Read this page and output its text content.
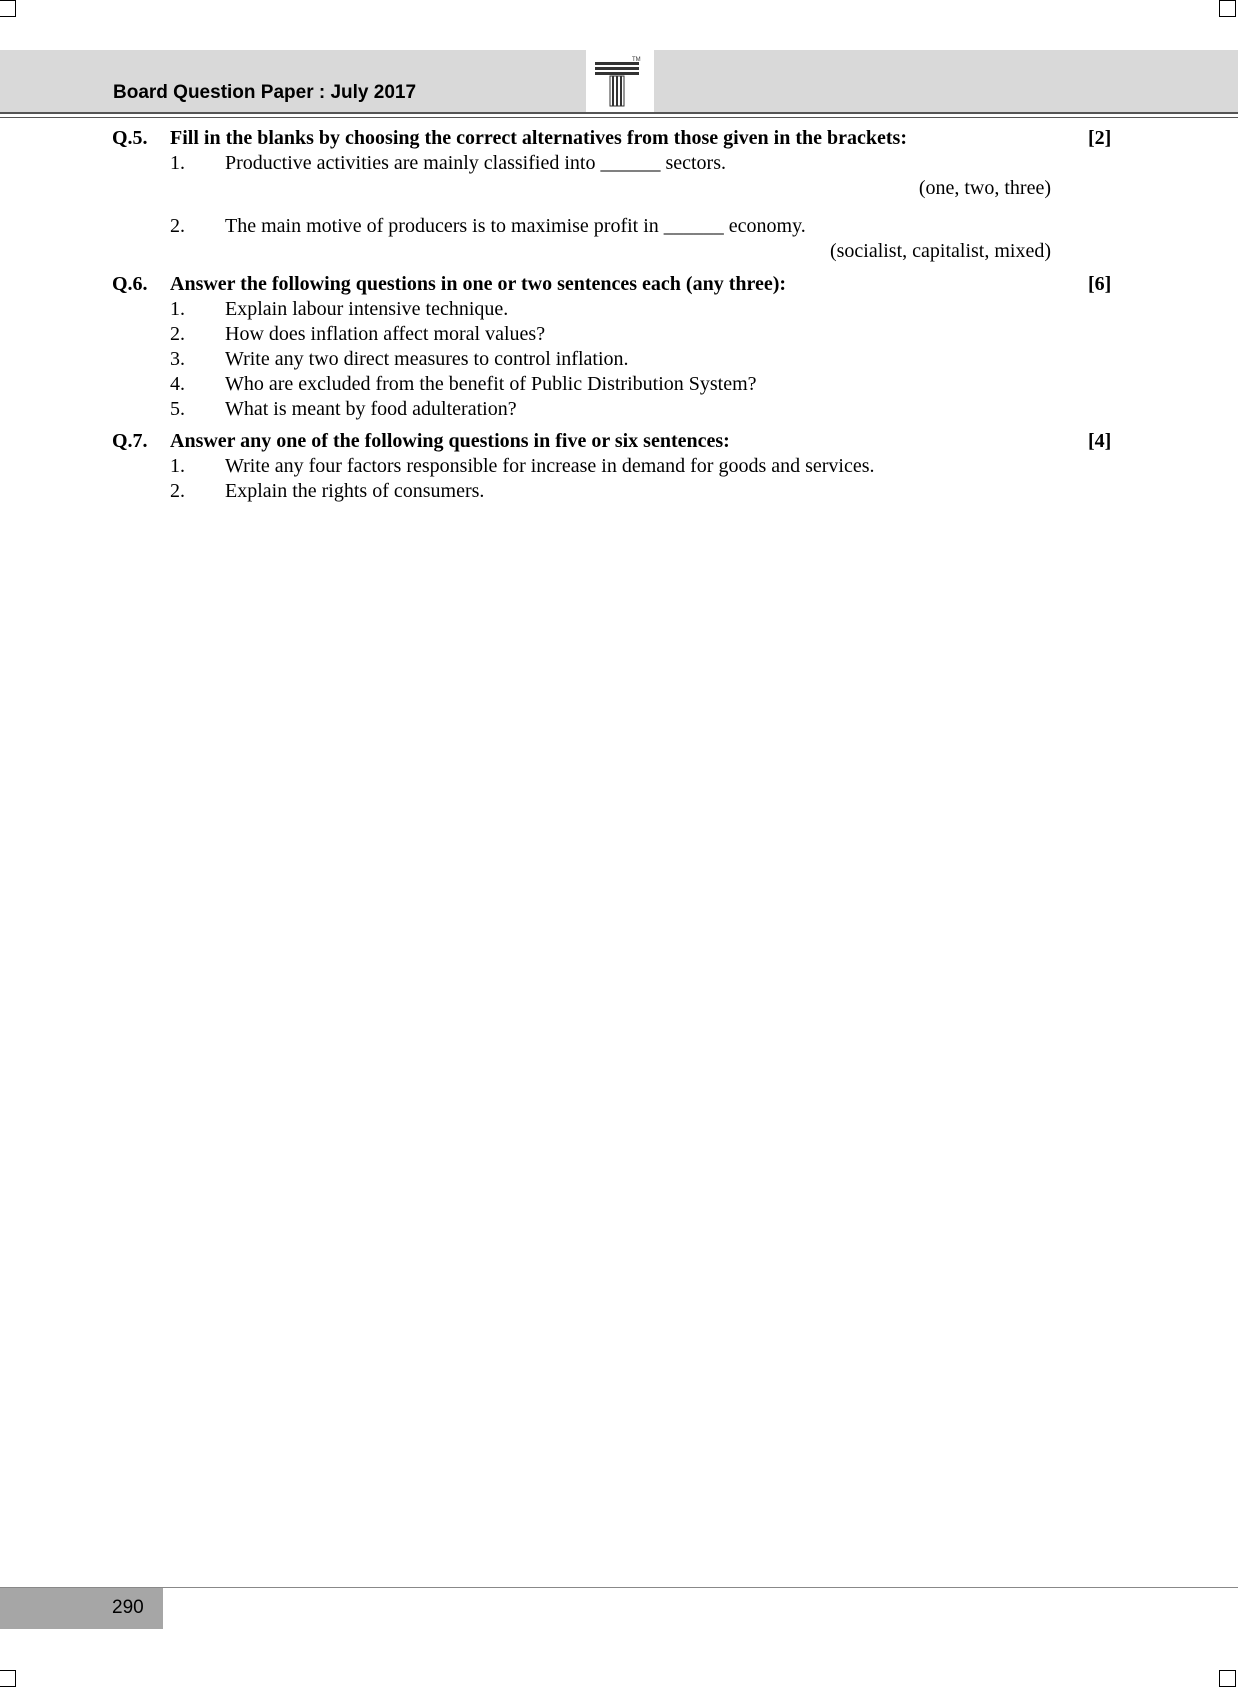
TM
Board Question Paper : July 2017
Q.5. Fill in the blanks by choosing the correct alternatives from those given in the brackets:	[2]
1. Productive activities are mainly classified into ______ sectors.
(one, two, three)
2. The main motive of producers is to maximise profit in ______ economy.
(socialist, capitalist, mixed)
Q.6. Answer the following questions in one or two sentences each (any three):	[6]
1. Explain labour intensive technique.
2. How does inflation affect moral values?
3. Write any two direct measures to control inflation.
4. Who are excluded from the benefit of Public Distribution System?
5. What is meant by food adulteration?
Q.7. Answer any one of the following questions in five or six sentences:	[4]
1. Write any four factors responsible for increase in demand for goods and services.
2. Explain the rights of consumers.
290
